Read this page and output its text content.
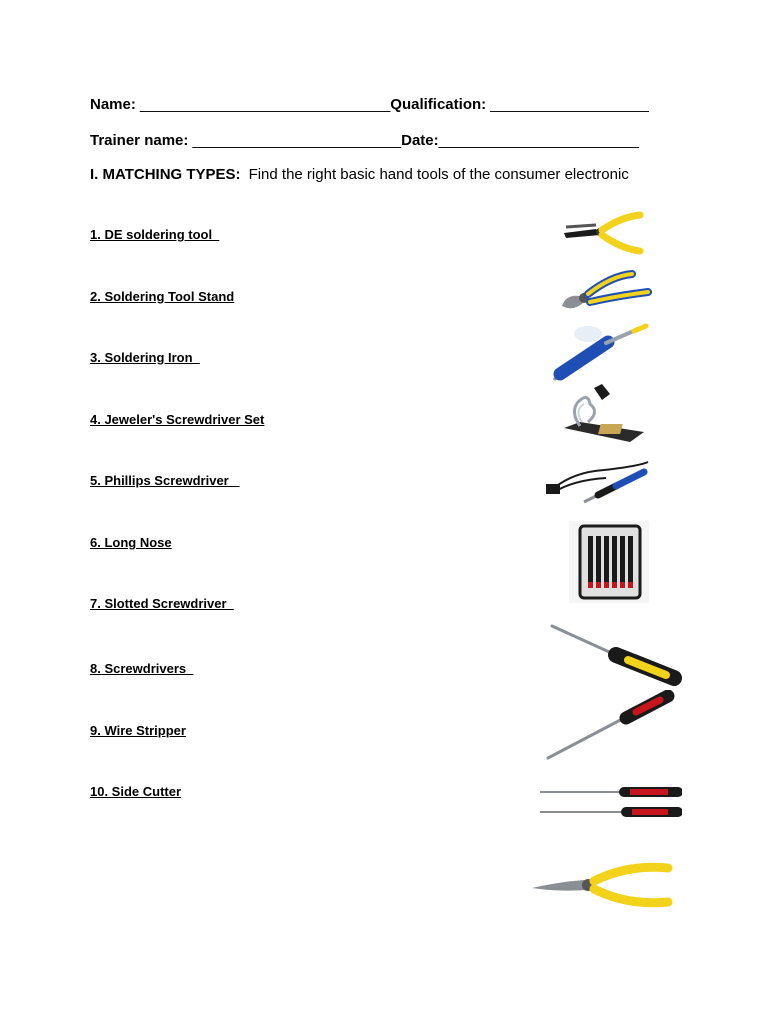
Name: ______________________________Qualification: ___________________
Trainer name: _________________________Date:________________________
I. MATCHING TYPES: Find the right basic hand tools of the consumer electronic
1. DE soldering tool
2. Soldering Tool Stand
3. Soldering Iron
4. Jeweler's Screwdriver Set
5. Phillips Screwdriver
6. Long Nose
7. Slotted Screwdriver
8. Screwdrivers
9. Wire Stripper
10. Side Cutter
